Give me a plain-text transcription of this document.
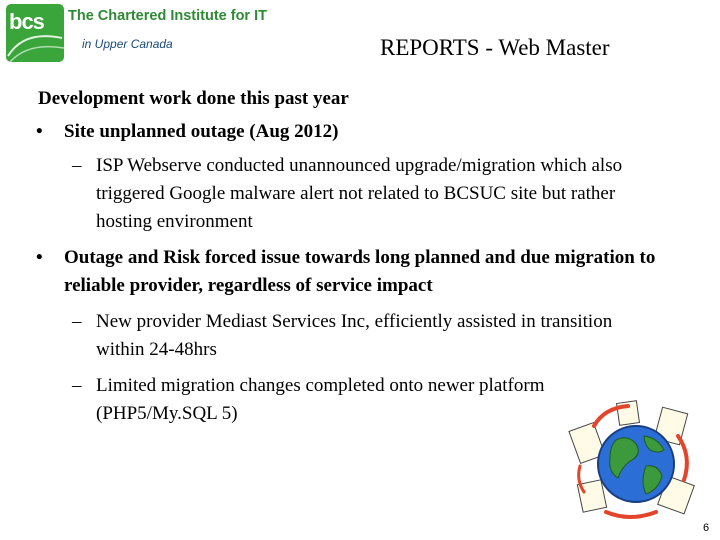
bcs The Chartered Institute for IT
in Upper Canada	REPORTS - Web Master
Development work done this past year
• Site unplanned outage (Aug 2012)
– ISP Webserve conducted unannounced upgrade/migration which also triggered Google malware alert not related to BCSUC site but rather hosting environment
• Outage and Risk forced issue towards long planned and due migration to reliable provider, regardless of service impact
– New provider Mediast Services Inc, efficiently assisted in transition within 24-48hrs
– Limited migration changes completed onto newer platform (PHP5/My.SQL 5)
6
